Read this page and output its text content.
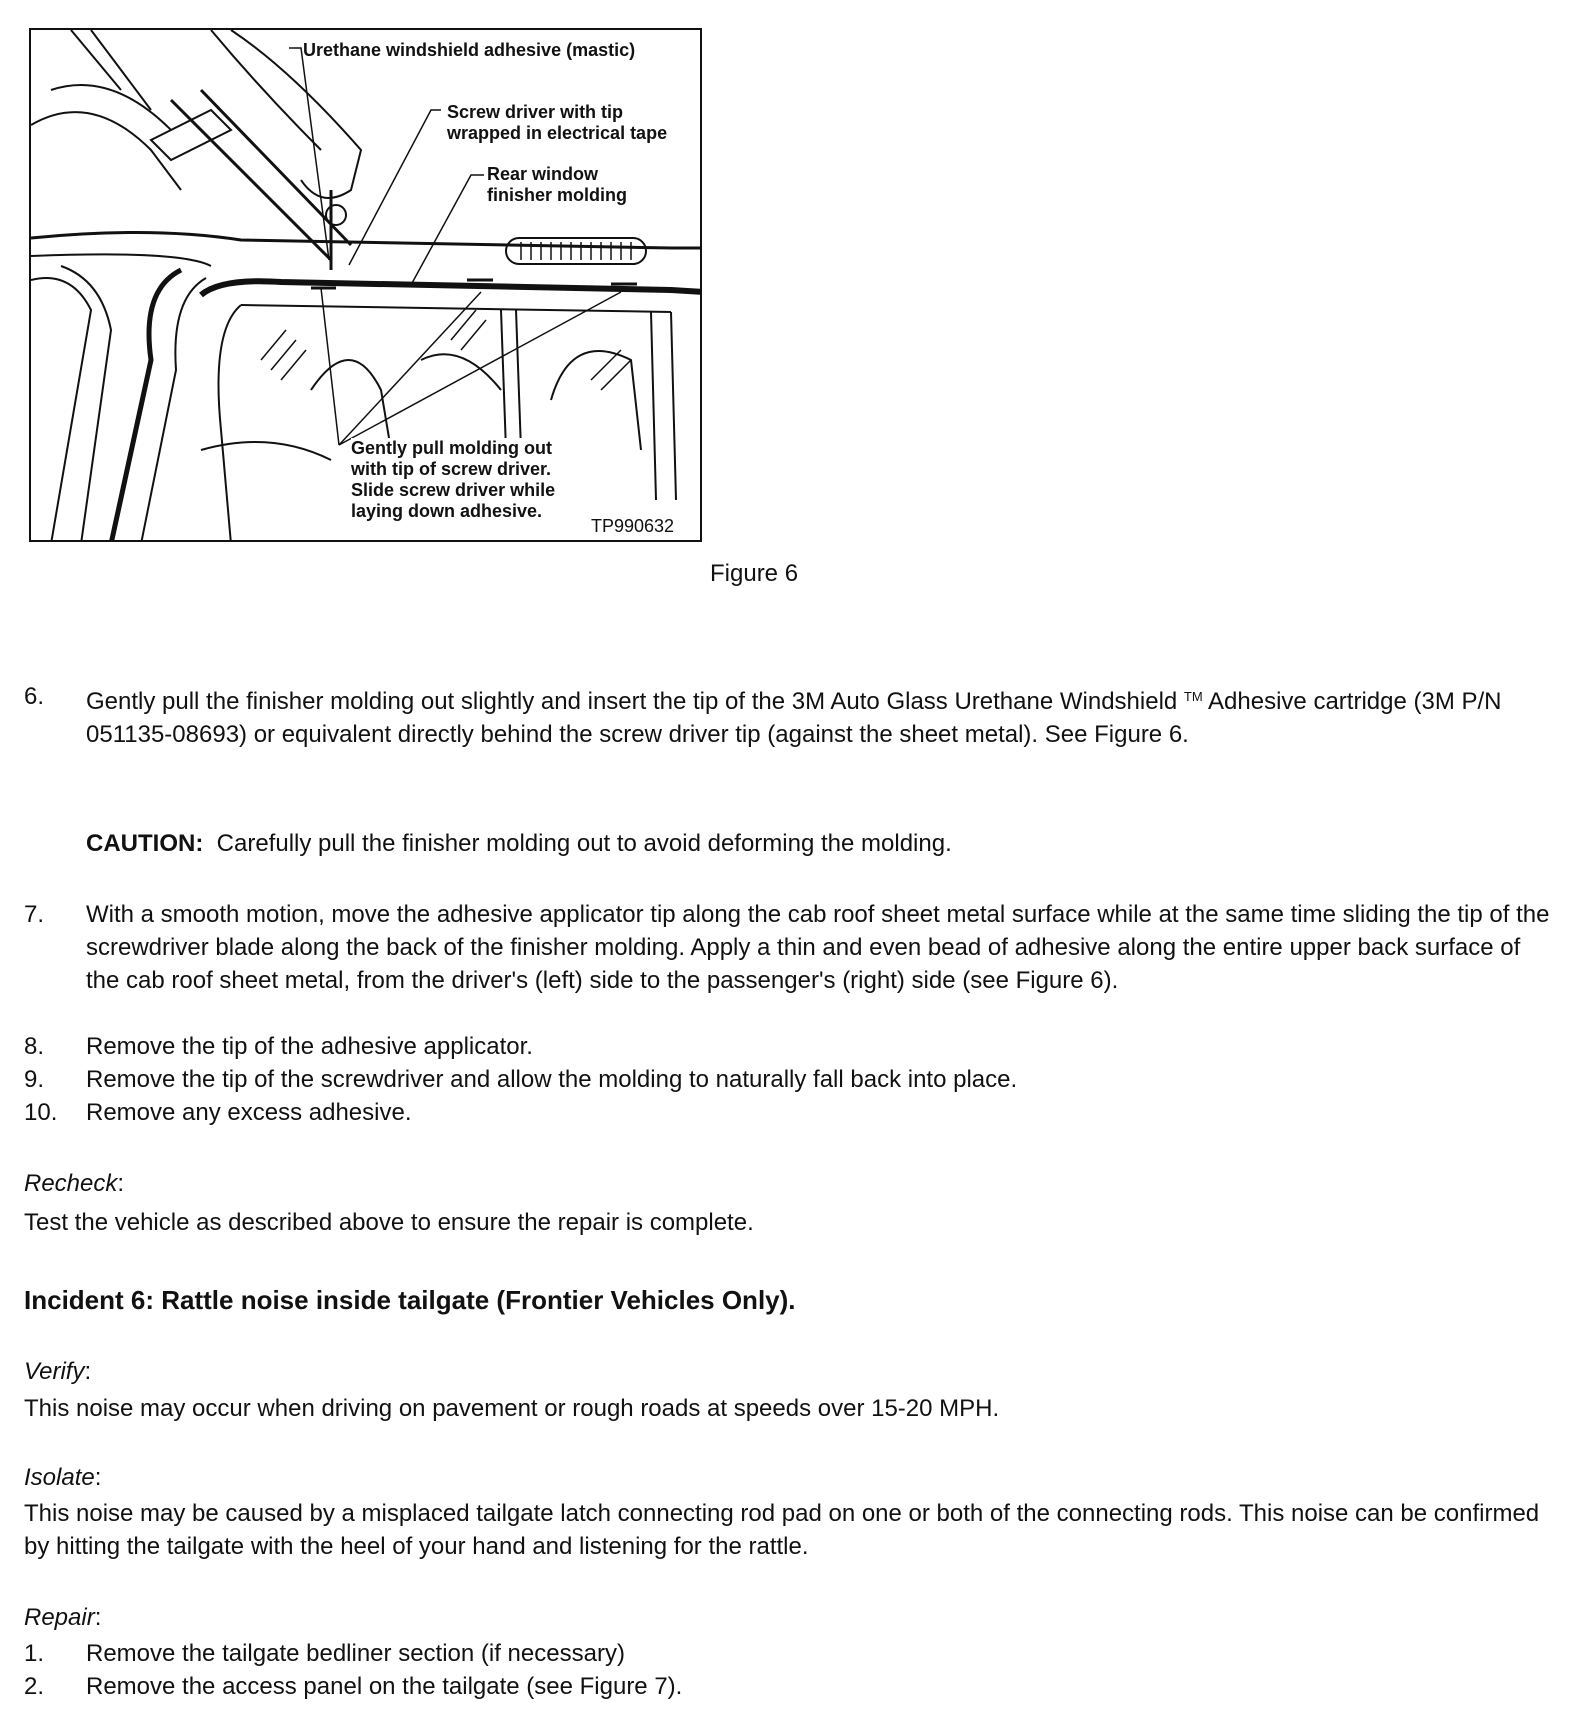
Urethane windshield adhesive (mastic)
Screw driver with tip
wrapped in electrical tape
Rear window
finisher molding
Gently pull molding out
with tip of screw driver.
Slide screw driver while
laying down adhesive.
TP990632
Figure 6
6. Gently pull the finisher molding out slightly and insert the tip of the 3M Auto Glass Urethane Windshield ™ Adhesive cartridge (3M P/N 051135-08693) or equivalent directly behind the screw driver tip (against the sheet metal). See Figure 6.
CAUTION:  Carefully pull the finisher molding out to avoid deforming the molding.
7. With a smooth motion, move the adhesive applicator tip along the cab roof sheet metal surface while at the same time sliding the tip of the screwdriver blade along the back of the finisher molding. Apply a thin and even bead of adhesive along the entire upper back surface of the cab roof sheet metal, from the driver's (left) side to the passenger's (right) side (see Figure 6).
8. Remove the tip of the adhesive applicator.
9. Remove the tip of the screwdriver and allow the molding to naturally fall back into place.
10. Remove any excess adhesive.
Recheck:
Test the vehicle as described above to ensure the repair is complete.
Incident 6: Rattle noise inside tailgate (Frontier Vehicles Only).
Verify:
This noise may occur when driving on pavement or rough roads at speeds over 15-20 MPH.
Isolate:
This noise may be caused by a misplaced tailgate latch connecting rod pad on one or both of the connecting rods. This noise can be confirmed by hitting the tailgate with the heel of your hand and listening for the rattle.
Repair:
1. Remove the tailgate bedliner section (if necessary)
2. Remove the access panel on the tailgate (see Figure 7).
